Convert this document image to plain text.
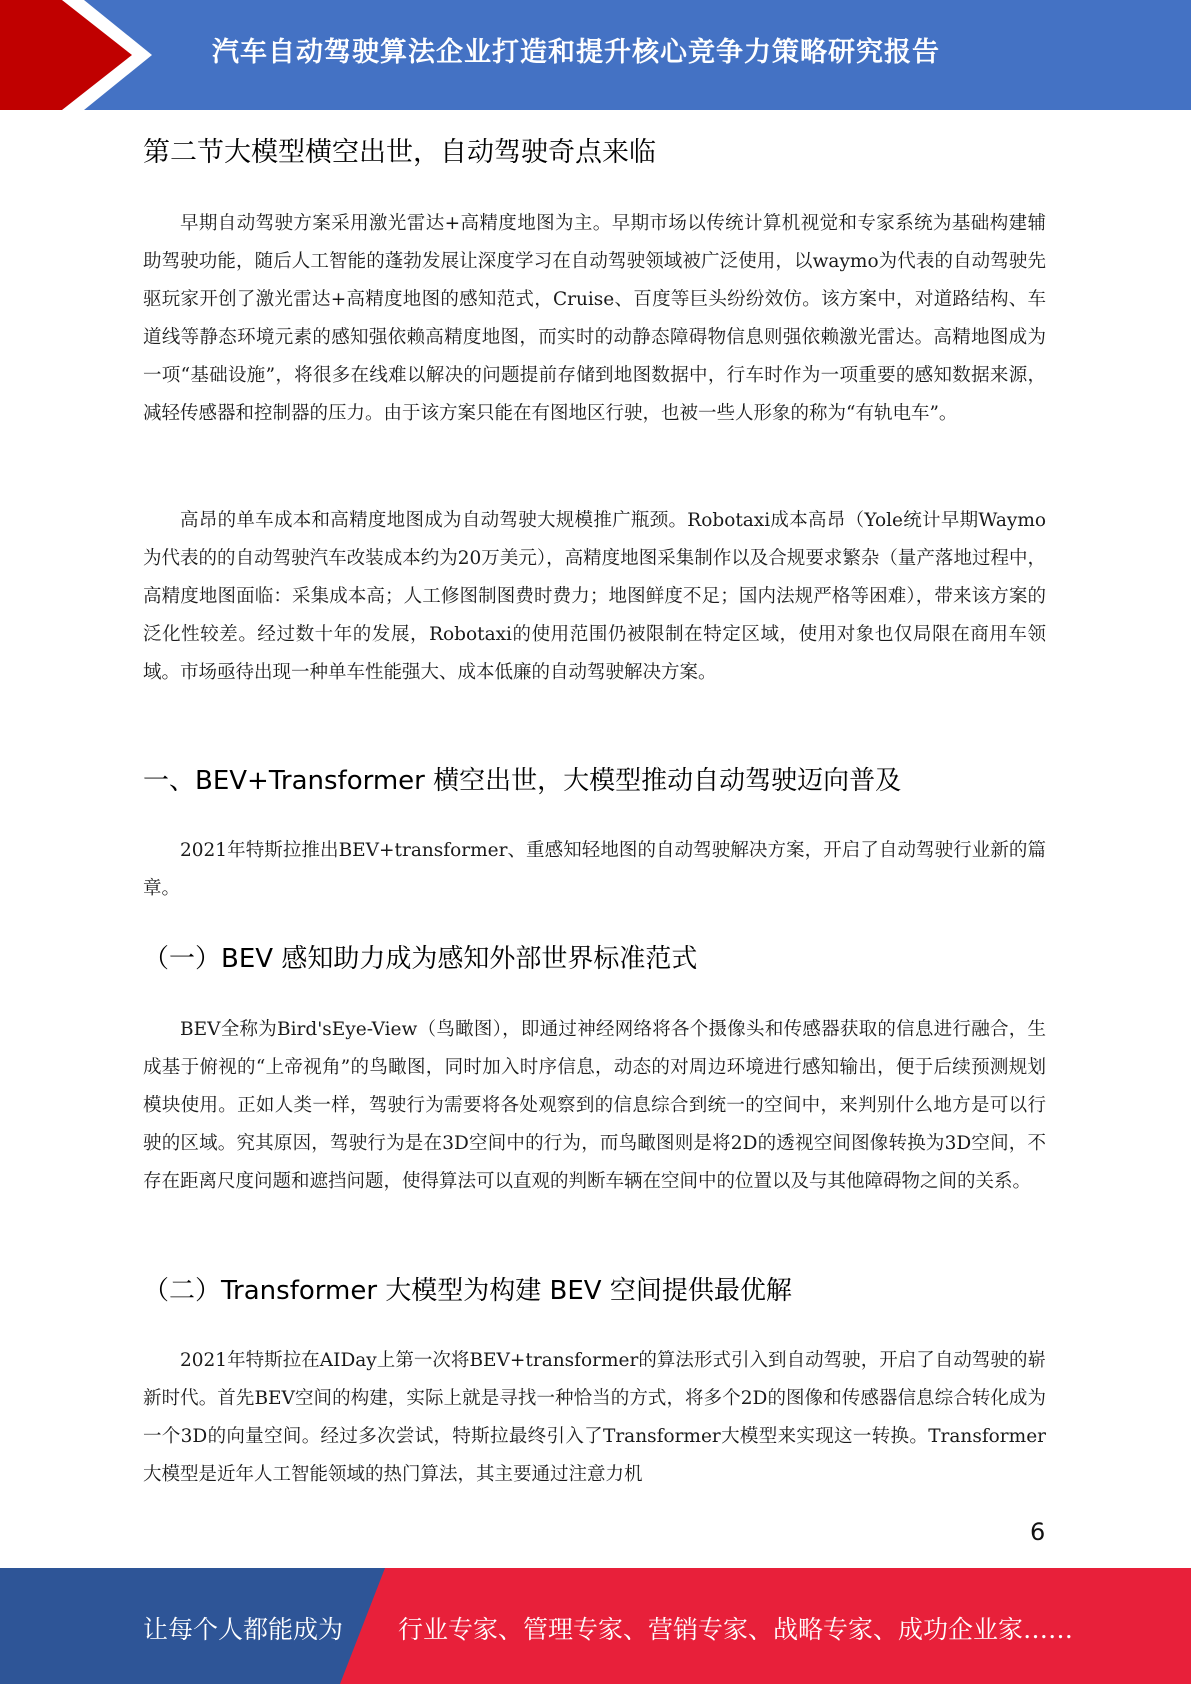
汽车自动驾驶算法企业打造和提升核心竞争力策略研究报告
第二节大模型横空出世，自动驾驶奇点来临

早期自动驾驶方案采用激光雷达+高精度地图为主。早期市场以传统计算机视觉和专家系统为基础构建辅助驾驶功能，随后人工智能的蓬勃发展让深度学习在自动驾驶领域被广泛使用，以waymo为代表的自动驾驶先驱玩家开创了激光雷达+高精度地图的感知范式，Cruise、百度等巨头纷纷效仿。该方案中，对道路结构、车道线等静态环境元素的感知强依赖高精度地图，而实时的动静态障碍物信息则强依赖激光雷达。高精地图成为一项“基础设施”，将很多在线难以解决的问题提前存储到地图数据中，行车时作为一项重要的感知数据来源，减轻传感器和控制器的压力。由于该方案只能在有图地区行驶，也被一些人形象的称为“有轨电车”。

高昂的单车成本和高精度地图成为自动驾驶大规模推广瓶颈。Robotaxi成本高昂（Yole统计早期Waymo为代表的的自动驾驶汽车改装成本约为20万美元），高精度地图采集制作以及合规要求繁杂（量产落地过程中，高精度地图面临：采集成本高；人工修图制图费时费力；地图鲜度不足；国内法规严格等困难），带来该方案的泛化性较差。经过数十年的发展，Robotaxi的使用范围仍被限制在特定区域，使用对象也仅局限在商用车领域。市场亟待出现一种单车性能强大、成本低廉的自动驾驶解决方案。

一、BEV+Transformer 横空出世，大模型推动自动驾驶迈向普及

2021年特斯拉推出BEV+transformer、重感知轻地图的自动驾驶解决方案，开启了自动驾驶行业新的篇章。

（一）BEV 感知助力成为感知外部世界标准范式

BEV全称为Bird'sEye-View（鸟瞰图），即通过神经网络将各个摄像头和传感器获取的信息进行融合，生成基于俯视的“上帝视角”的鸟瞰图，同时加入时序信息，动态的对周边环境进行感知输出，便于后续预测规划模块使用。正如人类一样，驾驶行为需要将各处观察到的信息综合到统一的空间中，来判别什么地方是可以行驶的区域。究其原因，驾驶行为是在3D空间中的行为，而鸟瞰图则是将2D的透视空间图像转换为3D空间，不存在距离尺度问题和遮挡问题，使得算法可以直观的判断车辆在空间中的位置以及与其他障碍物之间的关系。

（二）Transformer 大模型为构建 BEV 空间提供最优解

2021年特斯拉在AIDay上第一次将BEV+transformer的算法形式引入到自动驾驶，开启了自动驾驶的崭新时代。首先BEV空间的构建，实际上就是寻找一种恰当的方式，将多个2D的图像和传感器信息综合转化成为一个3D的向量空间。经过多次尝试，特斯拉最终引入了Transformer大模型来实现这一转换。Transformer大模型是近年人工智能领域的热门算法，其主要通过注意力机

6
让每个人都能成为 行业专家、管理专家、营销专家、战略专家、成功企业家……
